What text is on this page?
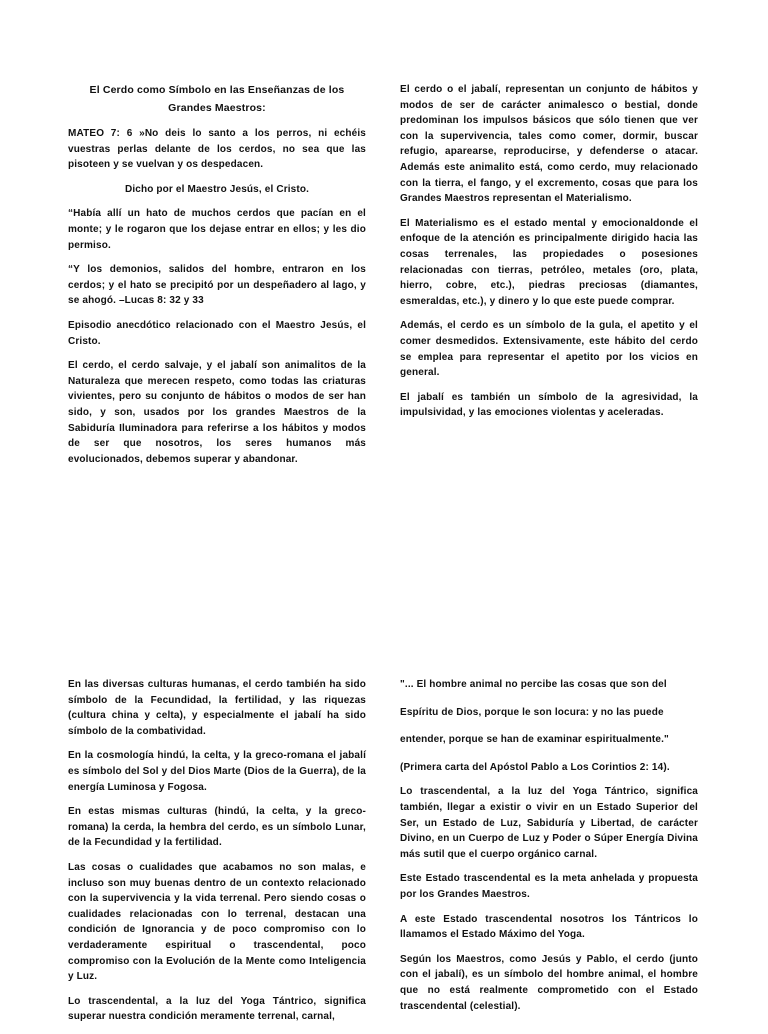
El Cerdo como Símbolo en las Enseñanzas de los Grandes Maestros:

MATEO 7: 6 »No deis lo santo a los perros, ni echéis vuestras perlas delante de los cerdos, no sea que las pisoteen y se vuelvan y os despedacen.

Dicho por el Maestro Jesús, el Cristo.

“Había allí un hato de muchos cerdos que pacían en el monte; y le rogaron que los dejase entrar en ellos; y les dio permiso.

“Y los demonios, salidos del hombre, entraron en los cerdos; y el hato se precipitó por un despeñadero al lago, y se ahogó. –Lucas 8: 32 y 33

Episodio anecdótico relacionado con el Maestro Jesús, el Cristo.

El cerdo, el cerdo salvaje, y el jabalí son animalitos de la Naturaleza que merecen respeto, como todas las criaturas vivientes, pero su conjunto de hábitos o modos de ser han sido, y son, usados por los grandes Maestros de la Sabiduría Iluminadora para referirse a los hábitos y modos de ser que nosotros, los seres humanos más evolucionados, debemos superar y abandonar.

El cerdo o el jabalí, representan un conjunto de hábitos y modos de ser de carácter animalesco o bestial, donde predominan los impulsos básicos que sólo tienen que ver con la supervivencia, tales como comer, dormir, buscar refugio, aparearse, reproducirse, y defenderse o atacar. Además este animalito está, como cerdo, muy relacionado con la tierra, el fango, y el excremento, cosas que para los Grandes Maestros representan el Materialismo.

El Materialismo es el estado mental y emocionaldonde el enfoque de la atención es principalmente dirigido hacia las cosas terrenales, las propiedades o posesiones relacionadas con tierras, petróleo, metales (oro, plata, hierro, cobre, etc.), piedras preciosas (diamantes, esmeraldas, etc.), y dinero y lo que este puede comprar.

Además, el cerdo es un símbolo de la gula, el apetito y el comer desmedidos. Extensivamente, este hábito del cerdo se emplea para representar el apetito por los vicios en general.

El jabalí es también un símbolo de la agresividad, la impulsividad, y las emociones violentas y aceleradas.

En las diversas culturas humanas, el cerdo también ha sido símbolo de la Fecundidad, la fertilidad, y las riquezas (cultura china y celta), y especialmente el jabalí ha sido símbolo de la combatividad.

En la cosmología hindú, la celta, y la greco-romana el jabalí es símbolo del Sol y del Dios Marte (Dios de la Guerra), de la energía Luminosa y Fogosa.

En estas mismas culturas (hindú, la celta, y la greco-romana) la cerda, la hembra del cerdo, es un símbolo Lunar, de la Fecundidad y la fertilidad.

Las cosas o cualidades que acabamos no son malas, e incluso son muy buenas dentro de un contexto relacionado con la supervivencia y la vida terrenal. Pero siendo cosas o cualidades relacionadas con lo terrenal, destacan una condición de Ignorancia y de poco compromiso con lo verdaderamente espiritual o trascendental, poco compromiso con la Evolución de la Mente como Inteligencia y Luz.

Lo trascendental, a la luz del Yoga Tántrico, significa superar nuestra condición meramente terrenal, carnal,

"... El hombre animal no percibe las cosas que son del

Espíritu de Dios, porque le son locura: y no las puede

entender, porque se han de examinar espiritualmente."

(Primera carta del Apóstol Pablo a Los Corintios 2: 14).

Lo trascendental, a la luz del Yoga Tántrico, significa también, llegar a existir o vivir en un Estado Superior del Ser, un Estado de Luz, Sabiduría y Libertad, de carácter Divino, en un Cuerpo de Luz y Poder o Súper Energía Divina más sutil que el cuerpo orgánico carnal.

Este Estado trascendental es la meta anhelada y propuesta por los Grandes Maestros.

A este Estado trascendental nosotros los Tántricos lo llamamos el Estado Máximo del Yoga.

Según los Maestros, como Jesús y Pablo, el cerdo (junto con el jabalí), es un símbolo del hombre animal, el hombre que no está realmente comprometido con el Estado trascendental (celestial).
